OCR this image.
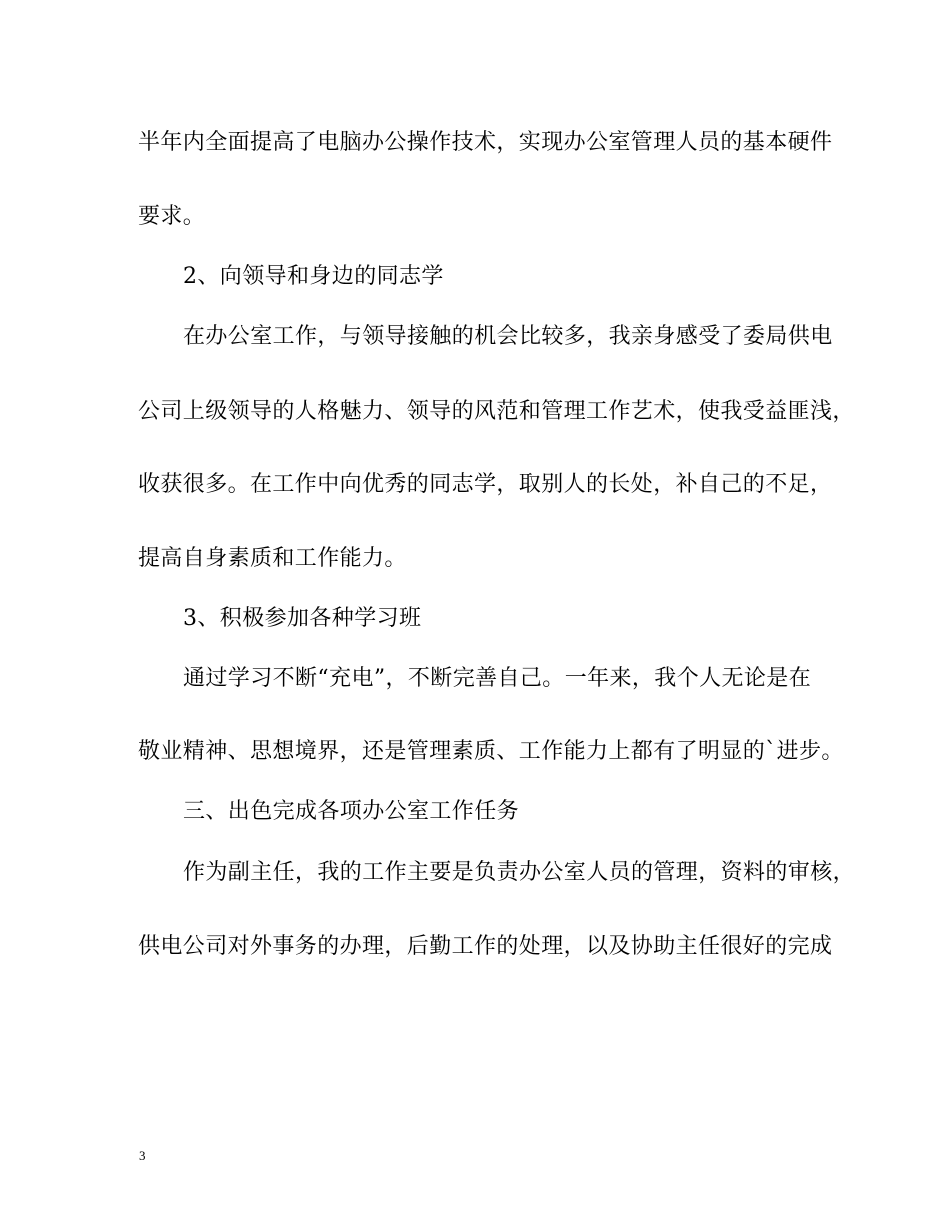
半年内全面提高了电脑办公操作技术，实现办公室管理人员的基本硬件
要求。
2、向领导和身边的同志学
在办公室工作，与领导接触的机会比较多，我亲身感受了委局供电
公司上级领导的人格魅力、领导的风范和管理工作艺术，使我受益匪浅，
收获很多。在工作中向优秀的同志学，取别人的长处，补自己的不足，
提高自身素质和工作能力。
3、积极参加各种学习班
通过学习不断“充电”，不断完善自己。一年来，我个人无论是在
敬业精神、思想境界，还是管理素质、工作能力上都有了明显的`进步。
三、出色完成各项办公室工作任务
作为副主任，我的工作主要是负责办公室人员的管理，资料的审核，
供电公司对外事务的办理，后勤工作的处理，以及协助主任很好的完成
3
